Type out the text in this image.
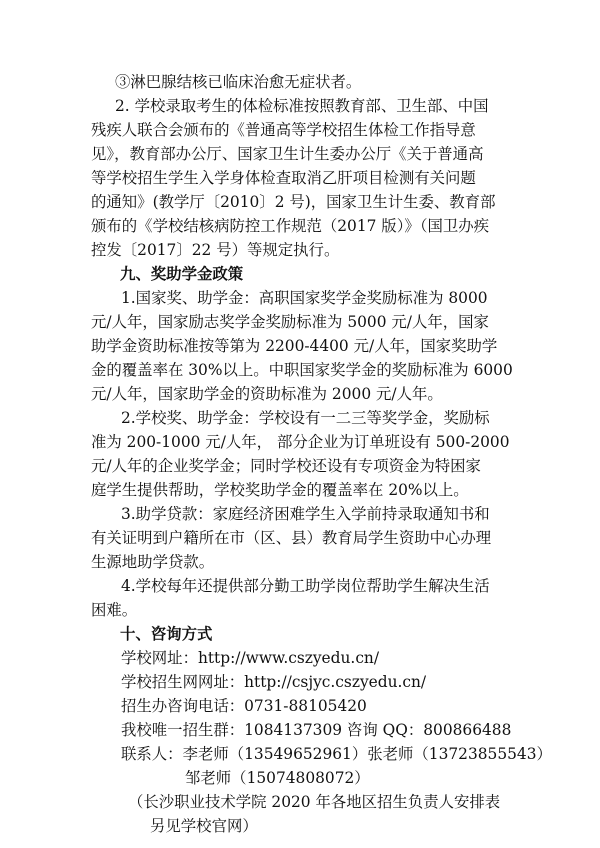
③淋巴腺结核已临床治愈无症状者。
2. 学校录取考生的体检标准按照教育部、卫生部、中国
残疾人联合会颁布的《普通高等学校招生体检工作指导意
见》，教育部办公厅、国家卫生计生委办公厅《关于普通高
等学校招生学生入学身体检查取消乙肝项目检测有关问题
的通知》(教学厅〔2010〕2 号)，国家卫生计生委、教育部
颁布的《学校结核病防控工作规范（2017 版）》（国卫办疾
控发〔2017〕22 号）等规定执行。
九、奖助学金政策
1.国家奖、助学金：高职国家奖学金奖励标准为 8000
元/人年，国家励志奖学金奖励标准为 5000 元/人年，国家
助学金资助标准按等第为 2200-4400 元/人年，国家奖助学
金的覆盖率在 30%以上。中职国家奖学金的奖励标准为 6000
元/人年，国家助学金的资助标准为 2000 元/人年。
2.学校奖、助学金：学校设有一二三等奖学金，奖励标
准为 200-1000 元/人年， 部分企业为订单班设有 500-2000
元/人年的企业奖学金；同时学校还设有专项资金为特困家
庭学生提供帮助，学校奖助学金的覆盖率在 20%以上。
3.助学贷款：家庭经济困难学生入学前持录取通知书和
有关证明到户籍所在市（区、县）教育局学生资助中心办理
生源地助学贷款。
4.学校每年还提供部分勤工助学岗位帮助学生解决生活
困难。
十、咨询方式
学校网址：http://www.cszyedu.cn/
学校招生网网址：http://csjyc.cszyedu.cn/
招生办咨询电话：0731-88105420
我校唯一招生群：1084137309 咨询 QQ：800866488
联系人：李老师（13549652961）张老师（13723855543）
邹老师（15074808072）
（长沙职业技术学院 2020 年各地区招生负责人安排表
另见学校官网）
